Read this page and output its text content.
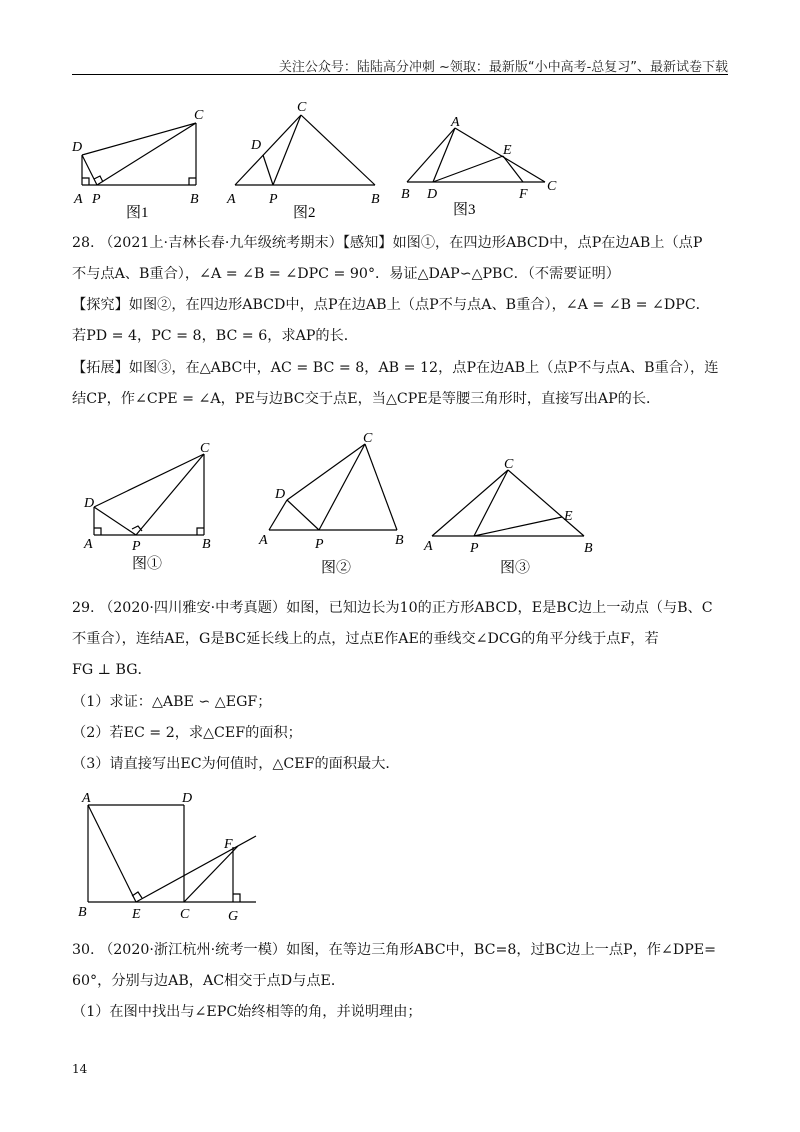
关注公众号：陆陆高分冲刺 ~领取：最新版“小中高考-总复习”、最新试卷下载
D
C
A P	B
图1
C
D
A P	B
图2
A
E
B D	F
C
图3
28. （2021上·吉林长春·九年级统考期末）【感知】如图①，在四边形ABCD中，点P在边AB上（点P
不与点A、B重合），∠A = ∠B = ∠DPC = 90°．易证△DAP∽△PBC．（不需要证明）
【探究】如图②，在四边形ABCD中，点P在边AB上（点P不与点A、B重合），∠A = ∠B = ∠DPC．
若PD = 4，PC = 8，BC = 6，求AP的长．
【拓展】如图③，在△ABC中，AC = BC = 8，AB = 12，点P在边AB上（点P不与点A、B重合），连
结CP，作∠CPE = ∠A，PE与边BC交于点E，当△CPE是等腰三角形时，直接写出AP的长．
C
D
A	P	B
图①
C
D
A	P	B
图②
C
E
A	P	B
图③
29. （2020·四川雅安·中考真题）如图，已知边长为10的正方形ABCD，E是BC边上一动点（与B、C
不重合），连结AE，G是BC延长线上的点，过点E作AE的垂线交∠DCG的角平分线于点F，若
FG ⊥ BG．
（1）求证：△ABE ∽ △EGF；
（2）若EC = 2，求△CEF的面积；
（3）请直接写出EC为何值时，△CEF的面积最大．
A	D
F
B	E	C	G
30. （2020·浙江杭州·统考一模）如图，在等边三角形ABC中，BC=8，过BC边上一点P，作∠DPE=
60°，分别与边AB，AC相交于点D与点E．
（1）在图中找出与∠EPC始终相等的角，并说明理由；
14
